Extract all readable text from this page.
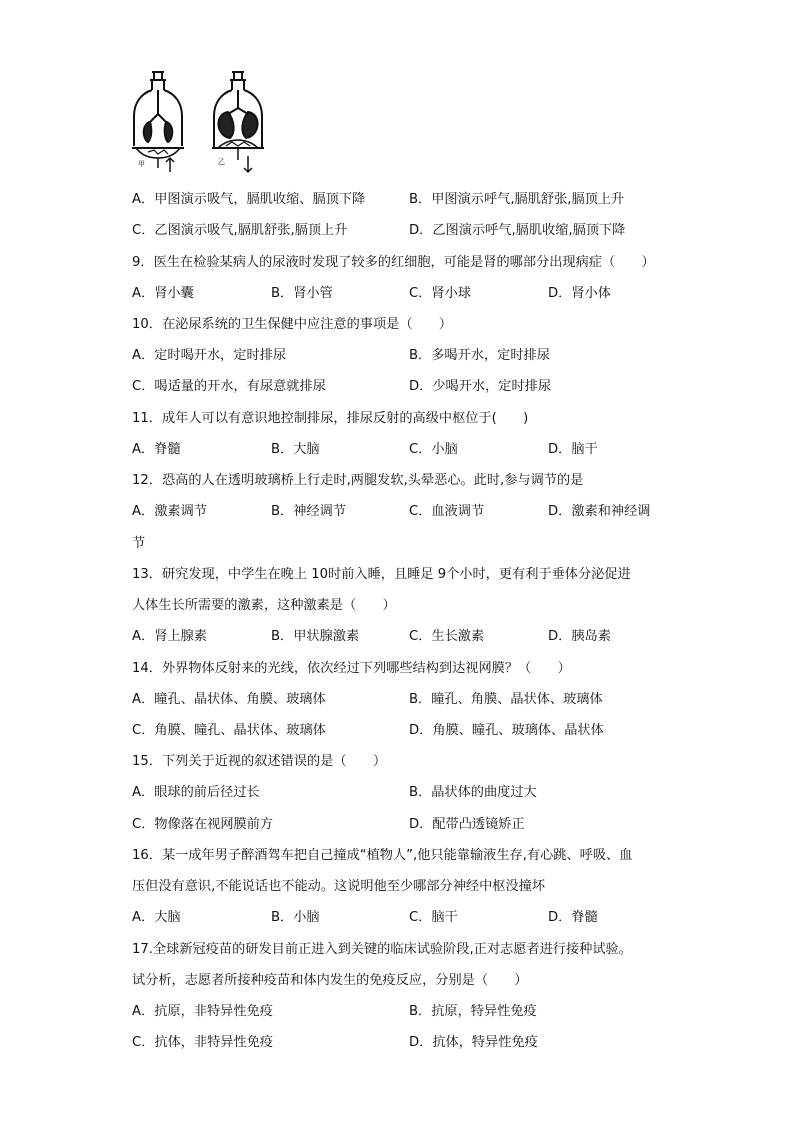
甲	乙
A．甲图演示吸气，膈肌收缩、膈顶下降	B．甲图演示呼气,膈肌舒张,膈顶上升
C．乙图演示吸气,膈肌舒张,膈顶上升	D．乙图演示呼气,膈肌收缩,膈顶下降
9．医生在检验某病人的尿液时发现了较多的红细胞，可能是肾的哪部分出现病症（　　）
A．肾小囊	B．肾小管	C．肾小球	D．肾小体
10．在泌尿系统的卫生保健中应注意的事项是（　　）
A．定时喝开水，定时排尿	B．多喝开水，定时排尿
C．喝适量的开水，有尿意就排尿	D．少喝开水，定时排尿
11．成年人可以有意识地控制排尿，排尿反射的高级中枢位于(　　)
A．脊髓	B．大脑	C．小脑	D．脑干
12．恐高的人在透明玻璃桥上行走时,两腿发软,头晕恶心。此时,参与调节的是
A．激素调节	B．神经调节	C．血液调节	D．激素和神经调
节
13．研究发现，中学生在晚上 10时前入睡，且睡足 9个小时，更有利于垂体分泌促进
人体生长所需要的激素，这种激素是（　　）
A．肾上腺素	B．甲状腺激素	C．生长激素	D．胰岛素
14．外界物体反射来的光线，依次经过下列哪些结构到达视网膜？（　　）
A．瞳孔、晶状体、角膜、玻璃体	B．瞳孔、角膜、晶状体、玻璃体
C．角膜、瞳孔、晶状体、玻璃体	D．角膜、瞳孔、玻璃体、晶状体
15．下列关于近视的叙述错误的是（　　）
A．眼球的前后径过长	B．晶状体的曲度过大
C．物像落在视网膜前方	D．配带凸透镜矫正
16．某一成年男子醉酒驾车把自己撞成“植物人”,他只能靠输液生存,有心跳、呼吸、血
压但没有意识,不能说话也不能动。这说明他至少哪部分神经中枢没撞坏
A．大脑	B．小脑	C．脑干	D．脊髓
17.全球新冠疫苗的研发目前正进入到关键的临床试验阶段,正对志愿者进行接种试验。
试分析，志愿者所接种疫苗和体内发生的免疫反应，分别是（　　）
A．抗原，非特异性免疫	B．抗原，特异性免疫
C．抗体，非特异性免疫	D．抗体，特异性免疫
